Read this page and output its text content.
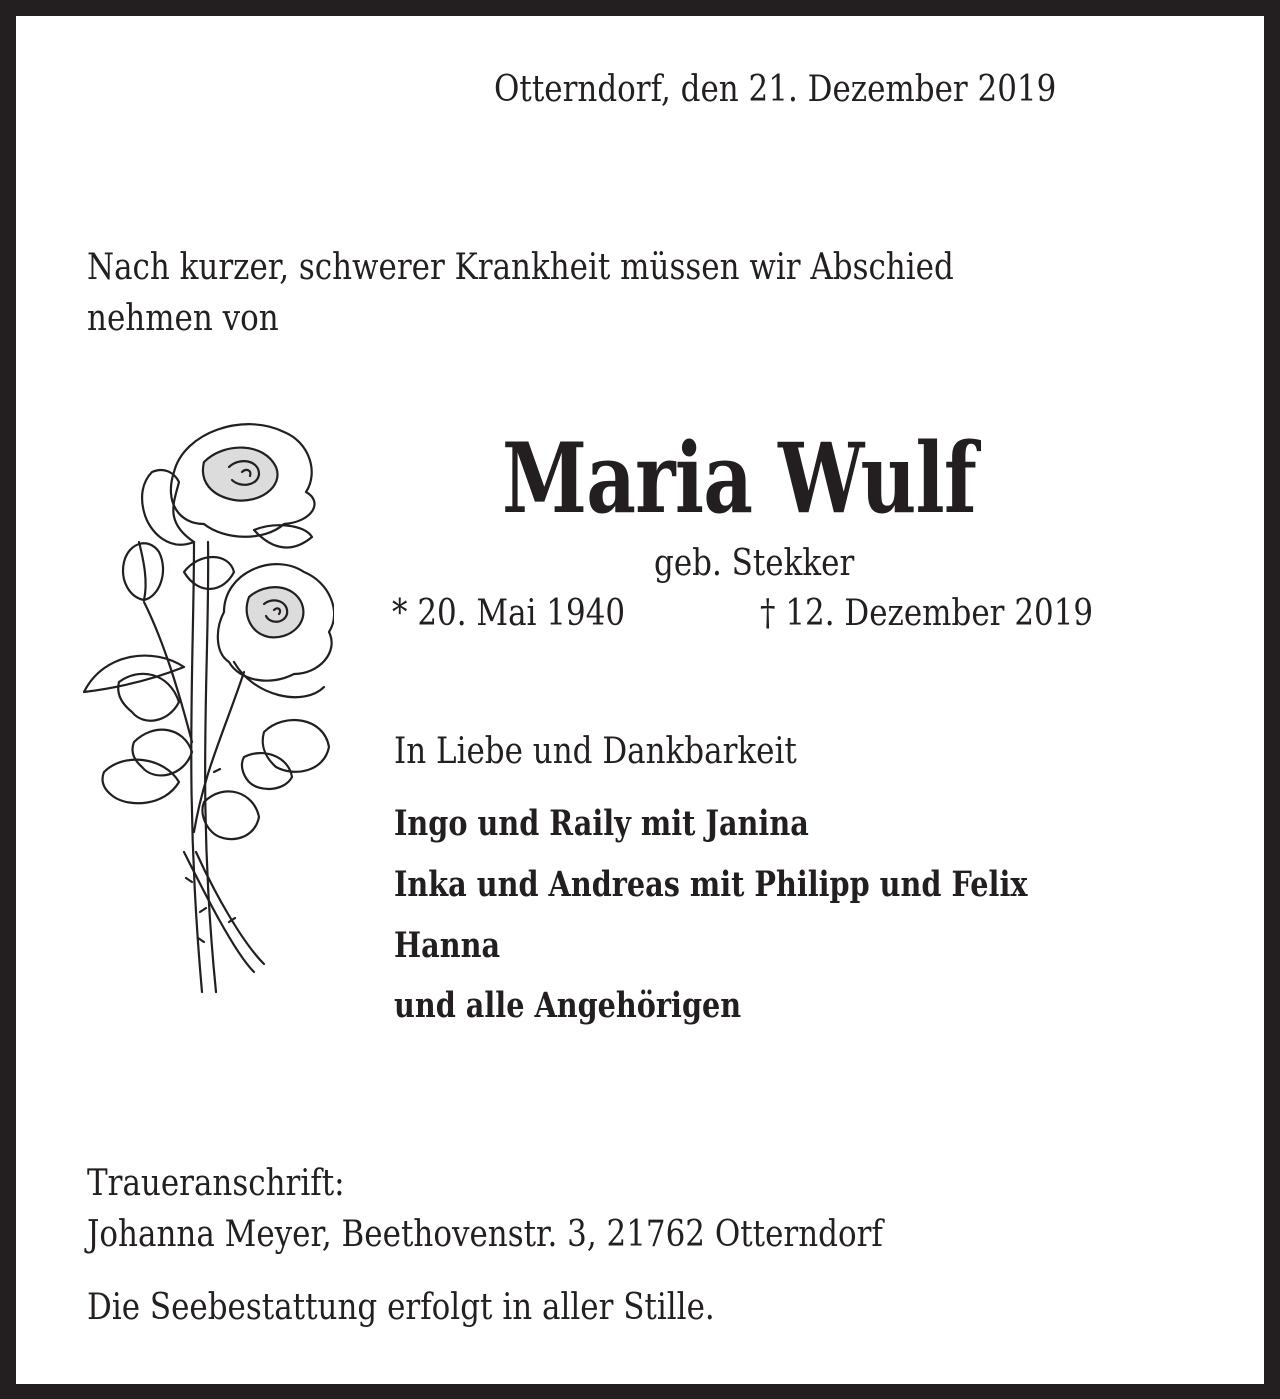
Otterndorf, den 21. Dezember 2019
Nach kurzer, schwerer Krankheit müssen wir Abschied
nehmen von
Maria Wulf
geb. Stekker
* 20. Mai 1940	† 12. Dezember 2019
In Liebe und Dankbarkeit
Ingo und Raily mit Janina
Inka und Andreas mit Philipp und Felix
Hanna
und alle Angehörigen
Traueranschrift:
Johanna Meyer, Beethovenstr. 3, 21762 Otterndorf
Die Seebestattung erfolgt in aller Stille.
